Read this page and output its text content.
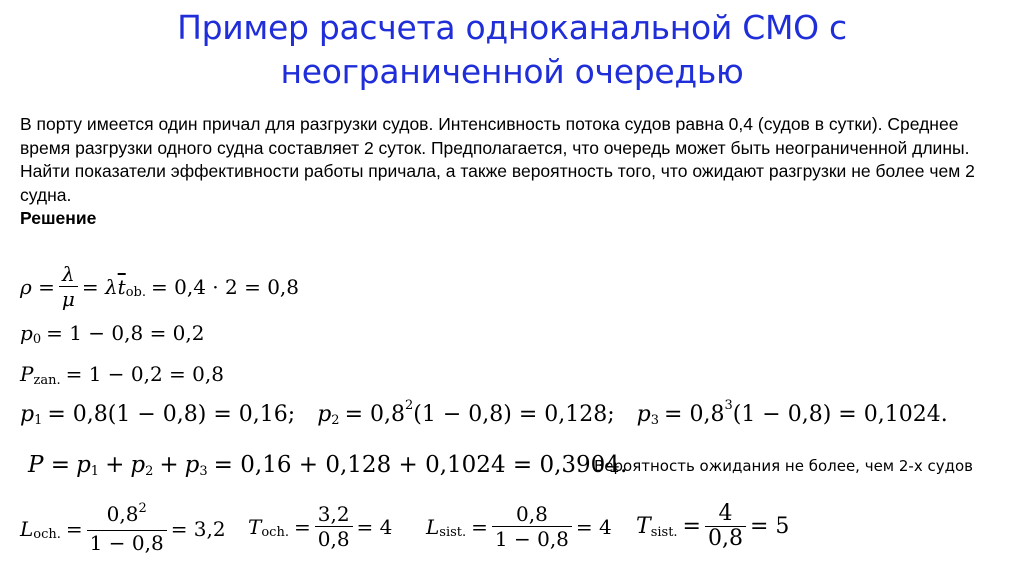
Пример расчета одноканальной СМО с
неограниченной очередью
В порту имеется один причал для разгрузки судов. Интенсивность потока судов равна 0,4 (судов в сутки). Среднее время разгрузки одного судна составляет 2 суток. Предполагается, что очередь может быть неограниченной длины. Найти показатели эффективности работы причала, а также вероятность того, что ожидают разгрузки не более чем 2 судна.
Решение
$\rho = \frac{\lambda}{\mu} = \lambda$ $\overline{t}$ ob. = 0,4 · 2 = 0,8
p 0 = 1 − 0,8 = 0,2
P zan. = 1 − 0,2 = 0,8
p 1 = 0,8(1 − 0,8) = 0,16; p 2 = 0,8 2 (1 − 0,8) = 0,128; p 3 = 0,8 3 (1 − 0,8) = 0,1024.
P = p 1 + p 2 + p 3 = 0,16 + 0,128 + 0,1024 = 0,3904.
Вероятность ожидания не более, чем 2-х судов
L och. = $\frac{0,8^2}{1 - 0,8} = 3,2$ T och. = $\frac{3,2}{0,8} = 4$ L sist. = $\frac{0,8}{1 - 0,8} = 4$ T sist. = $\frac{4}{0,8} = 5$
